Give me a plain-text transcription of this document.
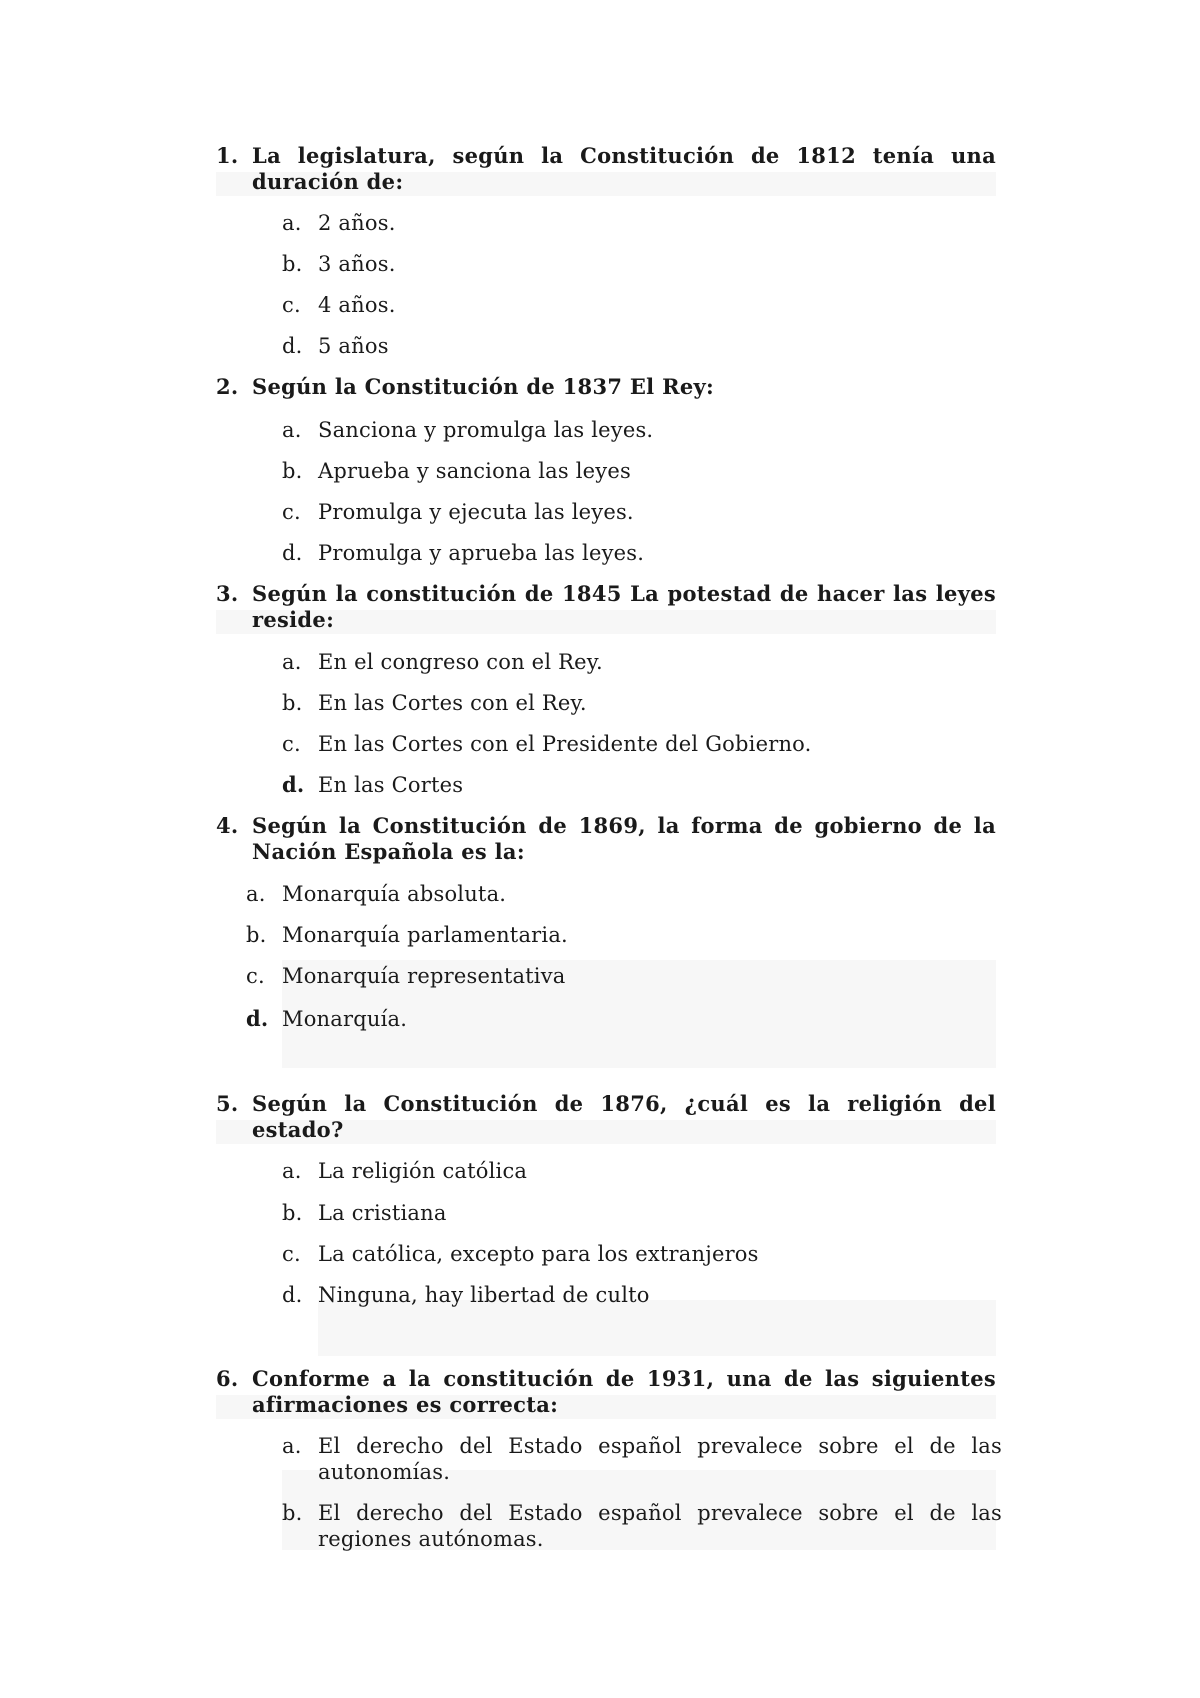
1. La legislatura, según la Constitución de 1812 tenía una duración de:
a. 2 años.
b. 3 años.
c. 4 años.
d. 5 años
2. Según la Constitución de 1837 El Rey:
a. Sanciona y promulga las leyes.
b. Aprueba y sanciona las leyes
c. Promulga y ejecuta las leyes.
d. Promulga y aprueba las leyes.
3. Según la constitución de 1845 La potestad de hacer las leyes reside:
a. En el congreso con el Rey.
b. En las Cortes con el Rey.
c. En las Cortes con el Presidente del Gobierno.
d. En las Cortes
4. Según la Constitución de 1869, la forma de gobierno de la Nación Española es la:
a. Monarquía absoluta.
b. Monarquía parlamentaria.
c. Monarquía representativa
d. Monarquía.
5. Según la Constitución de 1876, ¿cuál es la religión del estado?
a. La religión católica
b. La cristiana
c. La católica, excepto para los extranjeros
d. Ninguna, hay libertad de culto
6. Conforme a la constitución de 1931, una de las siguientes afirmaciones es correcta:
a. El derecho del Estado español prevalece sobre el de las autonomías.
b. El derecho del Estado español prevalece sobre el de las regiones autónomas.
